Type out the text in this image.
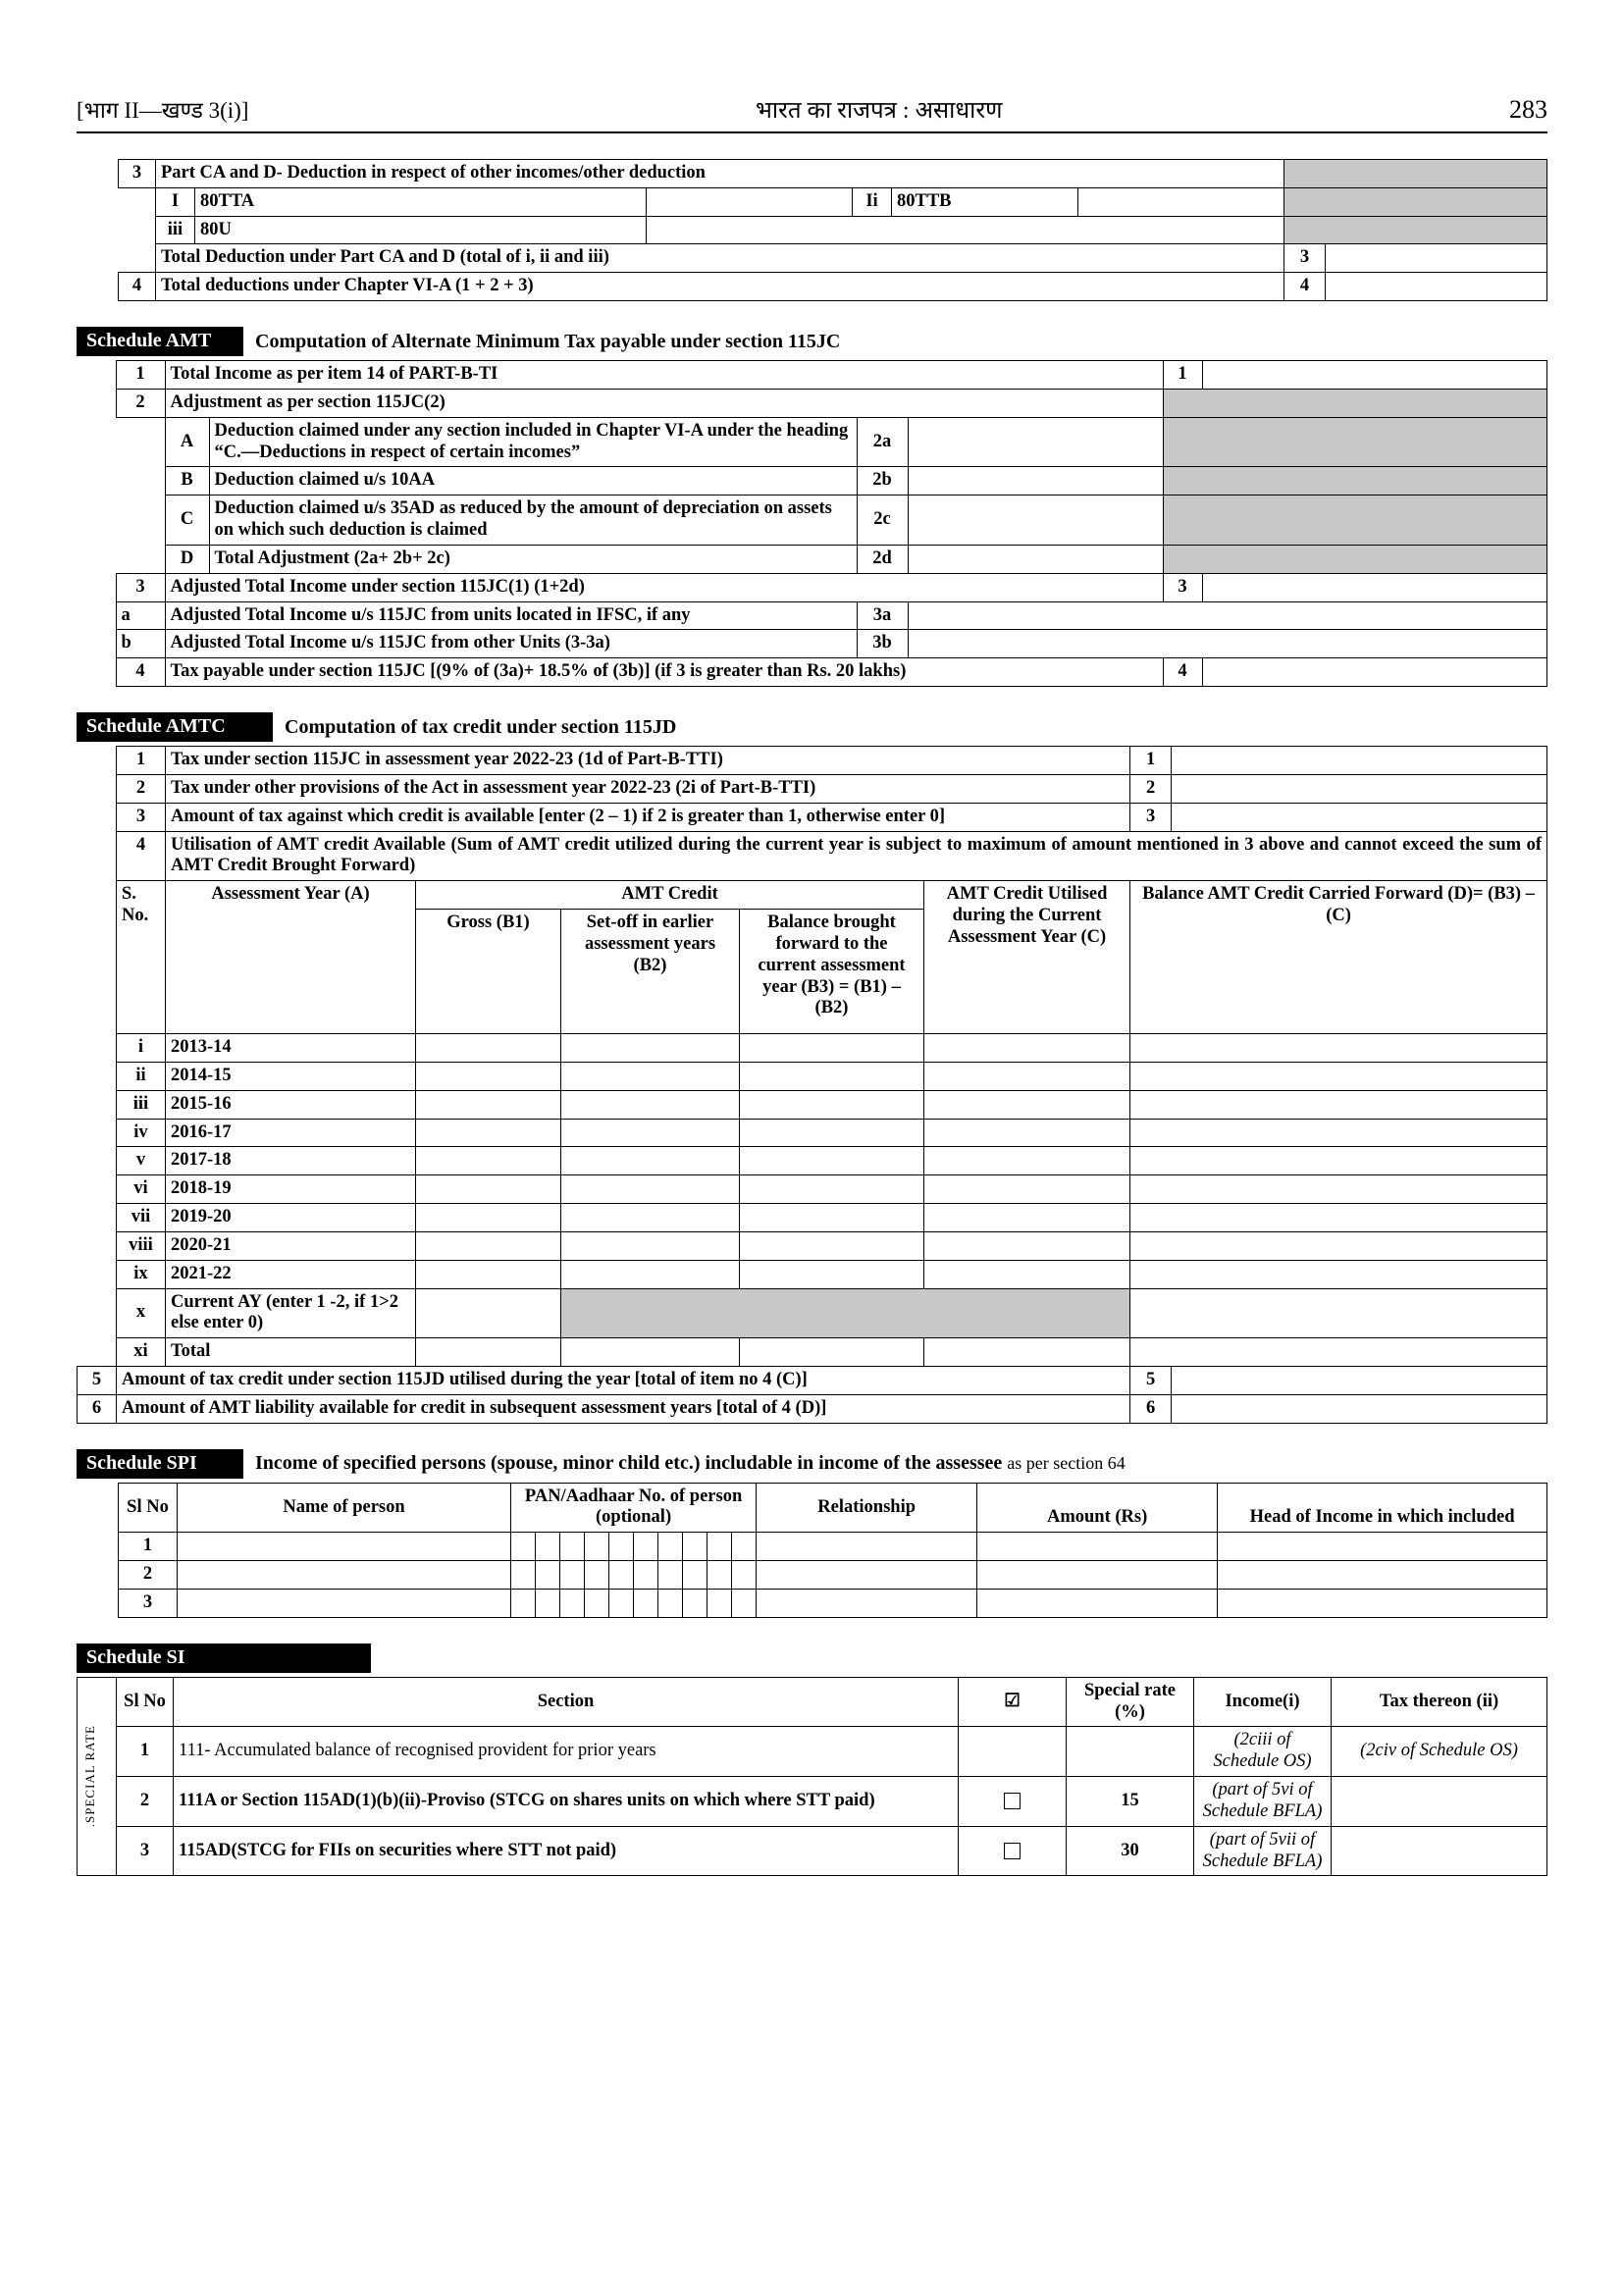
[भाग II—खण्ड 3(i)]	भारत का राजपत्र : असाधारण	283
3	Part CA and D- Deduction in respect of other incomes/other deduction							
	I	80TTA		Ii	80TTB			
	iii	80U						
	Total Deduction under Part CA and D (total of i, ii and iii)						3	
4	Total deductions under Chapter VI-A (1 + 2 + 3)						4	
Schedule AMT	Computation of Alternate Minimum Tax payable under section 115JC
	1	Total Income as per item 14 of PART-B-TI				1	
	2	Adjustment as per section 115JC(2)					
		A	Deduction claimed under any section included in Chapter VI-A under the heading “C.—Deductions in respect of certain incomes”	2a			
		B	Deduction claimed u/s 10AA	2b			
		C	Deduction claimed u/s 35AD as reduced by the amount of depreciation on assets on which such deduction is claimed	2c			
		D	Total Adjustment (2a+ 2b+ 2c)	2d			
	3	Adjusted Total Income under section 115JC(1) (1+2d)				3	
	a	Adjusted Total Income u/s 115JC from units located in IFSC, if any		3a			
	b	Adjusted Total Income u/s 115JC from other Units (3-3a)		3b			
	4	Tax payable under section 115JC [(9% of (3a)+ 18.5% of (3b)] (if 3 is greater than Rs. 20 lakhs)				4	
Schedule AMTC	Computation of tax credit under section 115JD
	1	Tax under section 115JC in assessment year 2022-23 (1d of Part-B-TTI)					1	
	2	Tax under other provisions of the Act in assessment year 2022-23 (2i of Part-B-TTI)					2	
	3	Amount of tax against which credit is available [enter (2 – 1) if 2 is greater than 1, otherwise enter 0]					3	
	4	Utilisation of AMT credit Available (Sum of AMT credit utilized during the current year is subject to maximum of amount mentioned in 3 above and cannot exceed the sum of AMT Credit Brought Forward)						
	S. No.	Assessment Year (A)	AMT Credit			AMT Credit Utilised during the Current Assessment Year (C)	Balance AMT Credit Carried Forward (D)= (B3) –(C)	
			Gross (B1)	Set-off in earlier assessment years (B2)	Balance brought forward to the current assessment year (B3) = (B1) – (B2)			
	i	2013-14						
	ii	2014-15						
	iii	2015-16						
	iv	2016-17						
	v	2017-18						
	vi	2018-19						
	vii	2019-20						
	viii	2020-21						
	ix	2021-22						
	x	Current AY (enter 1 -2, if 1>2 else enter 0)						
	xi	Total						
5	Amount of tax credit under section 115JD utilised during the year [total of item no 4 (C)]						5	
6	Amount of AMT liability available for credit in subsequent assessment years [total of 4 (D)]						6	
Schedule SPI	Income of specified persons (spouse, minor child etc.) includable in income of the assessee as per section 64
Sl No	Name of person	PAN/Aadhaar No. of person (optional)										Relationship	Amount (Rs)	Head of Income in which included
1														
2														
3														
Schedule SI
.SPECIAL RATE	Sl No	Section	☑	Special rate (%)	Income(i)	Tax thereon (ii)
	1	111- Accumulated balance of recognised provident for prior years			(2ciii of Schedule OS)	(2civ of Schedule OS)
	2	111A or Section 115AD(1)(b)(ii)-Proviso (STCG on shares units on which where STT paid)		15	(part of 5vi of Schedule BFLA)	
	3	115AD(STCG for FIIs on securities where STT not paid)		30	(part of 5vii of Schedule BFLA)	
